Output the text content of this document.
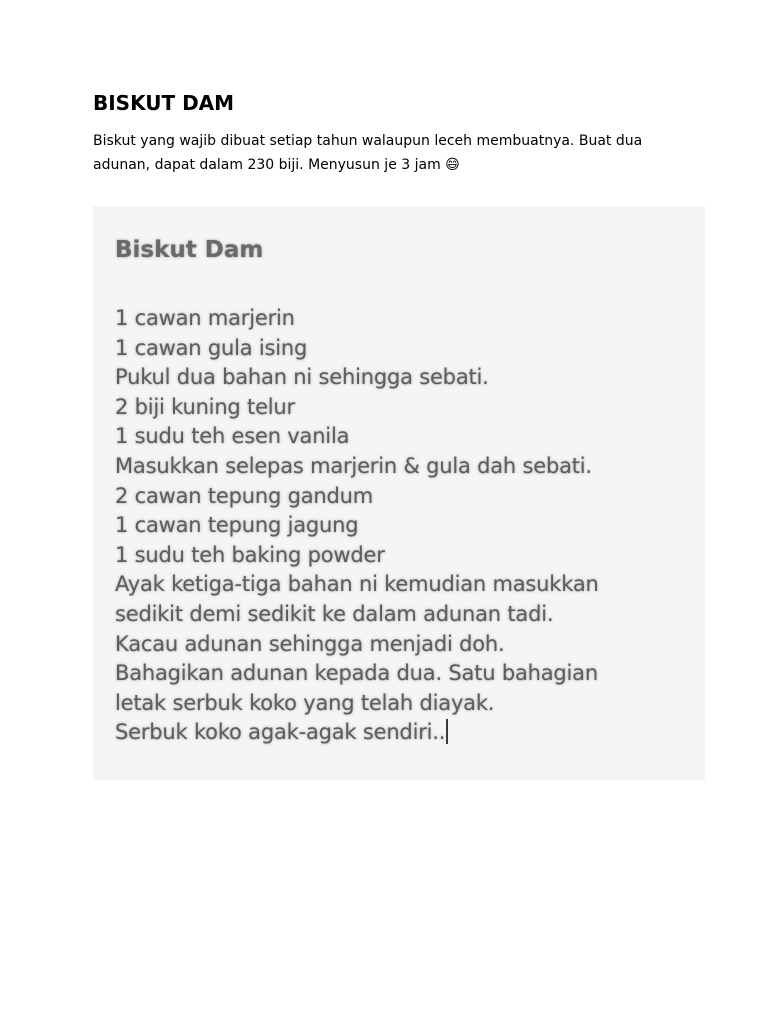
BISKUT DAM

Biskut yang wajib dibuat setiap tahun walaupun leceh membuatnya. Buat dua adunan, dapat dalam 230 biji. Menyusun je 3 jam 😄

Biskut Dam
1 cawan marjerin
1 cawan gula ising
Pukul dua bahan ni sehingga sebati.
2 biji kuning telur
1 sudu teh esen vanila
Masukkan selepas marjerin & gula dah sebati.
2 cawan tepung gandum
1 cawan tepung jagung
1 sudu teh baking powder
Ayak ketiga-tiga bahan ni kemudian masukkan
sedikit demi sedikit ke dalam adunan tadi.
Kacau adunan sehingga menjadi doh.
Bahagikan adunan kepada dua. Satu bahagian
letak serbuk koko yang telah diayak.
Serbuk koko agak-agak sendiri..
